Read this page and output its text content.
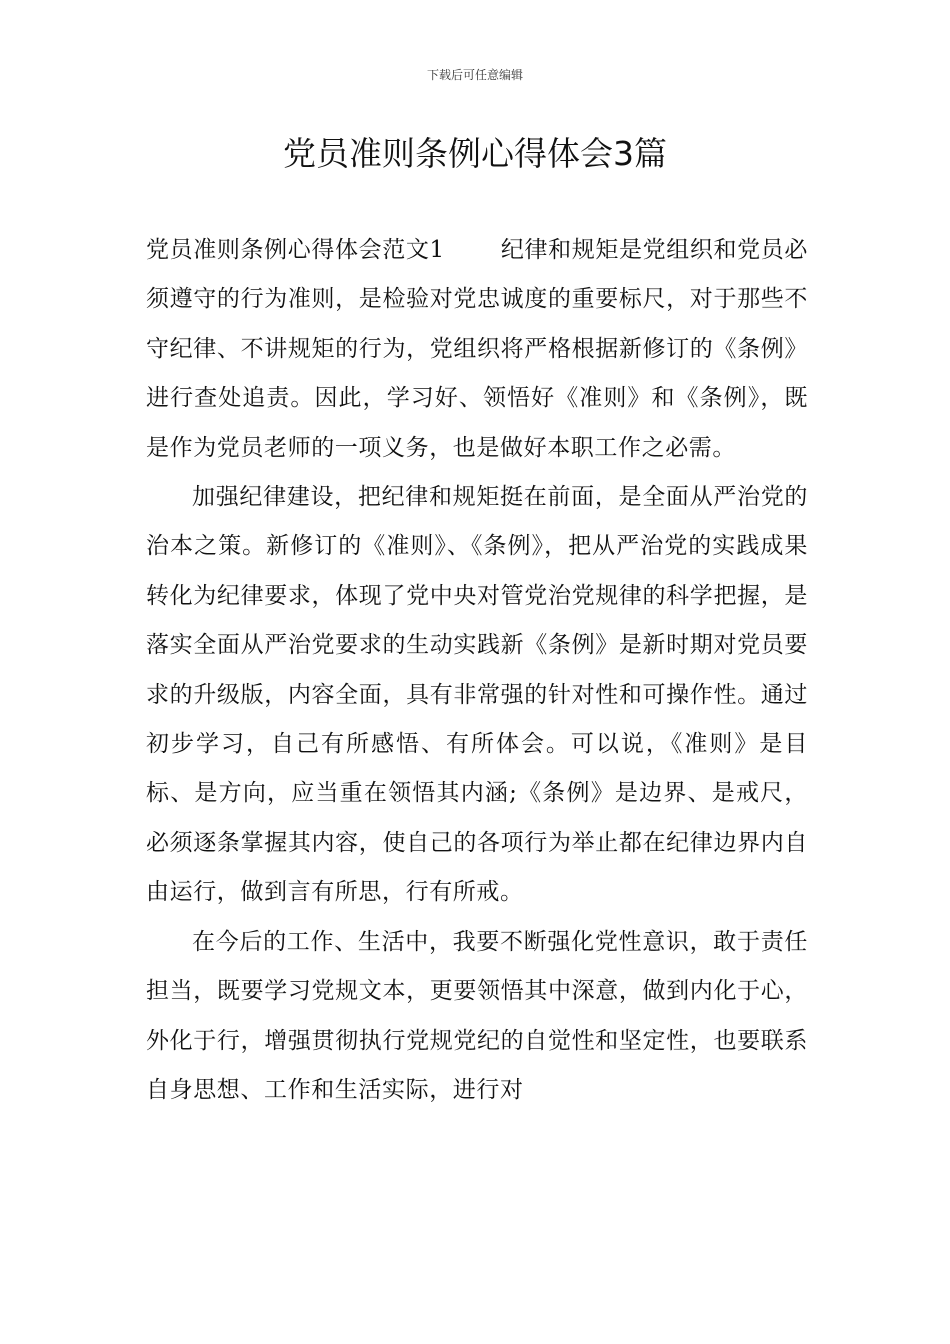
下载后可任意编辑
党员准则条例心得体会3篇

党员准则条例心得体会范文1 纪律和规矩是党组织和党员必须遵守的行为准则，是检验对党忠诚度的重要标尺，对于那些不守纪律、不讲规矩的行为，党组织将严格根据新修订的《条例》进行查处追责。因此，学习好、领悟好《准则》和《条例》，既是作为党员老师的一项义务，也是做好本职工作之必需。

加强纪律建设，把纪律和规矩挺在前面，是全面从严治党的治本之策。新修订的《准则》、《条例》，把从严治党的实践成果转化为纪律要求，体现了党中央对管党治党规律的科学把握，是落实全面从严治党要求的生动实践新《条例》是新时期对党员要求的升级版，内容全面，具有非常强的针对性和可操作性。通过初步学习，自己有所感悟、有所体会。可以说，《准则》是目标、是方向，应当重在领悟其内涵;《条例》是边界、是戒尺，必须逐条掌握其内容，使自己的各项行为举止都在纪律边界内自由运行，做到言有所思，行有所戒。

在今后的工作、生活中，我要不断强化党性意识，敢于责任担当，既要学习党规文本，更要领悟其中深意，做到内化于心，外化于行，增强贯彻执行党规党纪的自觉性和坚定性，也要联系自身思想、工作和生活实际，进行对
